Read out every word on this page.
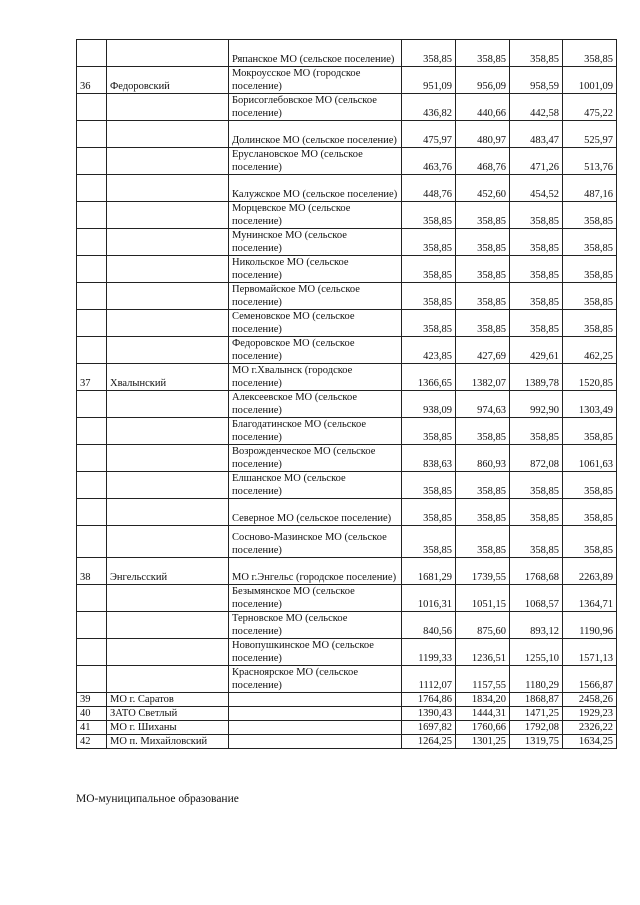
		Ряпанское МО (сельское поселение)	358,85	358,85	358,85	358,85
36	Федоровский	Мокроусское МО (городское поселение)	951,09	956,09	958,59	1001,09
		Борисоглебовское МО (сельское поселение)	436,82	440,66	442,58	475,22
		Долинское МО (сельское поселение)	475,97	480,97	483,47	525,97
		Еруслановское МО (сельское поселение)	463,76	468,76	471,26	513,76
		Калужское МО (сельское поселение)	448,76	452,60	454,52	487,16
		Морцевское МО (сельское поселение)	358,85	358,85	358,85	358,85
		Мунинское МО (сельское поселение)	358,85	358,85	358,85	358,85
		Никольское МО (сельское поселение)	358,85	358,85	358,85	358,85
		Первомайское МО (сельское поселение)	358,85	358,85	358,85	358,85
		Семеновское МО (сельское поселение)	358,85	358,85	358,85	358,85
		Федоровское МО (сельское поселение)	423,85	427,69	429,61	462,25
37	Хвалынский	МО г.Хвалынск (городское поселение)	1366,65	1382,07	1389,78	1520,85
		Алексеевское МО (сельское поселение)	938,09	974,63	992,90	1303,49
		Благодатинское МО (сельское поселение)	358,85	358,85	358,85	358,85
		Возрожденческое МО (сельское поселение)	838,63	860,93	872,08	1061,63
		Елшанское МО (сельское поселение)	358,85	358,85	358,85	358,85
		Северное МО (сельское поселение)	358,85	358,85	358,85	358,85
		Сосново-Мазинское МО (сельское поселение)	358,85	358,85	358,85	358,85
38	Энгельсский	МО г.Энгельс (городское поселение)	1681,29	1739,55	1768,68	2263,89
		Безымянское МО (сельское поселение)	1016,31	1051,15	1068,57	1364,71
		Терновское МО (сельское поселение)	840,56	875,60	893,12	1190,96
		Новопушкинское МО (сельское поселение)	1199,33	1236,51	1255,10	1571,13
		Красноярское МО (сельское поселение)	1112,07	1157,55	1180,29	1566,87
39	МО г. Саратов		1764,86	1834,20	1868,87	2458,26
40	ЗАТО Светлый		1390,43	1444,31	1471,25	1929,23
41	МО г. Шиханы		1697,82	1760,66	1792,08	2326,22
42	МО п. Михайловский		1264,25	1301,25	1319,75	1634,25
МО-муниципальное образование
